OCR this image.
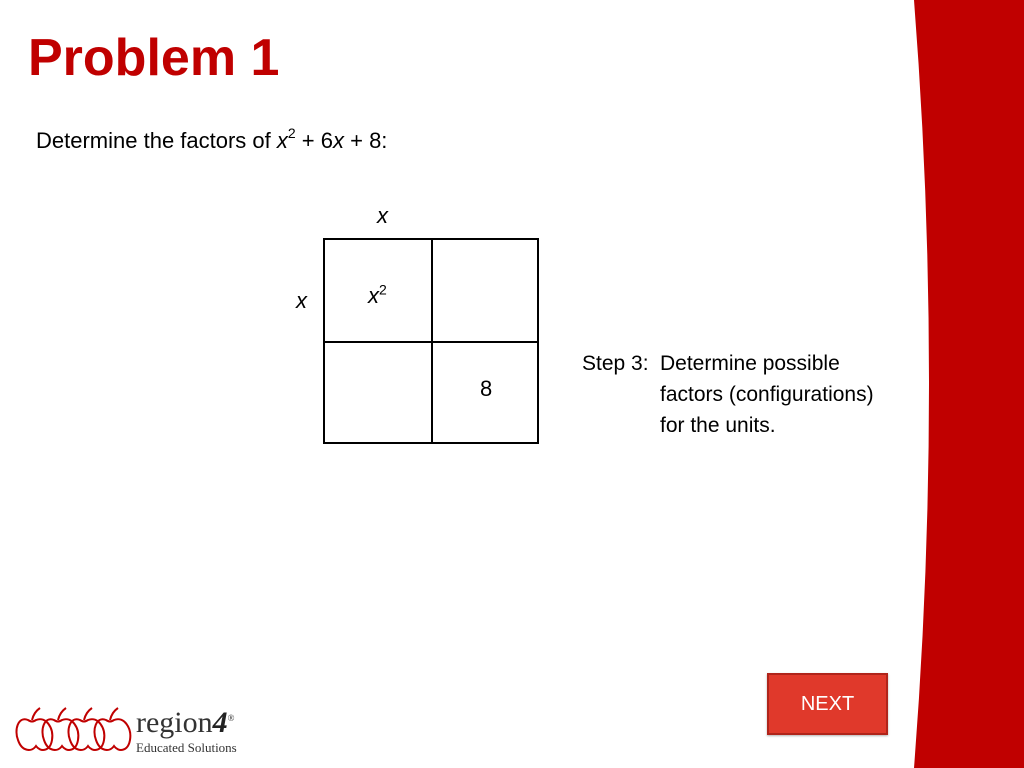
Problem 1
Determine the factors of $x^2 + 6x + 8$:
x
x	$x^2$
8
Step 3: Determine possible
factors (configurations)
for the units.
NEXT
region4®
Educated Solutions
